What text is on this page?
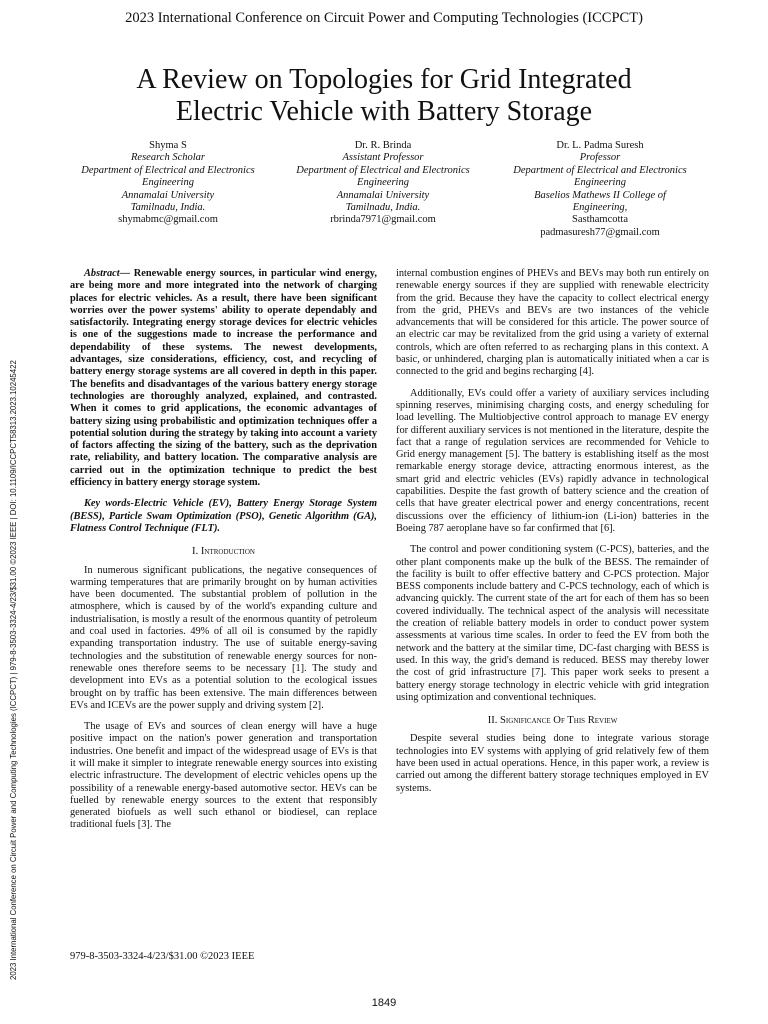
2023 International Conference on Circuit Power and Computing Technologies (ICCPCT)
A Review on Topologies for Grid Integrated
Electric Vehicle with Battery Storage
Shyma S
Research Scholar
Department of Electrical and Electronics
Engineering
Annamalai University
Tamilnadu, India.
shymabmc@gmail.com
Dr. R. Brinda
Assistant Professor
Department of Electrical and Electronics
Engineering
Annamalai University
Tamilnadu, India.
rbrinda7971@gmail.com
Dr. L. Padma Suresh
Professor
Department of Electrical and Electronics
Engineering
Baselios Mathews II College of
Engineering,
Sasthamcotta
padmasuresh77@gmail.com
2023 International Conference on Circuit Power and Computing Technologies (ICCPCT) | 979-8-3503-3324-4/23/$31.00 ©2023 IEEE | DOI: 10.1109/ICCPCT58313.2023.10245422

Abstract— Renewable energy sources, in particular wind energy, are being more and more integrated into the network of charging places for electric vehicles. As a result, there have been significant worries over the power systems' ability to operate dependably and satisfactorily. Integrating energy storage devices for electric vehicles is one of the suggestions made to increase the performance and dependability of these systems. The newest developments, advantages, size considerations, efficiency, cost, and recycling of battery energy storage systems are all covered in depth in this paper. The benefits and disadvantages of the various battery energy storage technologies are thoroughly analyzed, explained, and contrasted. When it comes to grid applications, the economic advantages of battery sizing using probabilistic and optimization techniques offer a potential solution during the strategy by taking into account a variety of factors affecting the sizing of the battery, such as the deprivation rate, reliability, and battery location. The comparative analysis are carried out in the optimization technique to predict the best efficiency in battery energy storage system.

Key words-Electric Vehicle (EV), Battery Energy Storage System (BESS), Particle Swam Optimization (PSO), Genetic Algorithm (GA), Flatness Control Technique (FLT).

I. Introduction

In numerous significant publications, the negative consequences of warming temperatures that are primarily brought on by human activities have been documented. The substantial problem of pollution in the atmosphere, which is caused by of the world's expanding culture and industrialisation, is mostly a result of the enormous quantity of petroleum and coal used in factories. 49% of all oil is consumed by the rapidly expanding transportation industry. The use of suitable energy-saving technologies and the substitution of renewable energy sources for non-renewable ones therefore seems to be necessary [1]. The study and development into EVs as a potential solution to the ecological issues brought on by traffic has been extensive. The main differences between EVs and ICEVs are the power supply and driving system [2].

The usage of EVs and sources of clean energy will have a huge positive impact on the nation's power generation and transportation industries. One benefit and impact of the widespread usage of EVs is that it will make it simpler to integrate renewable energy sources into existing electric infrastructure. The development of electric vehicles opens up the possibility of a renewable energy-based automotive sector. HEVs can be fuelled by renewable energy sources to the extent that responsibly generated biofuels as well such ethanol or biodiesel, can replace traditional fuels [3]. The

internal combustion engines of PHEVs and BEVs may both run entirely on renewable energy sources if they are supplied with renewable electricity from the grid. Because they have the capacity to collect electrical energy from the grid, PHEVs and BEVs are two instances of the vehicle advancements that will be considered for this article. The power source of an electric car may be revitalized from the grid using a variety of external controls, which are often referred to as recharging plans in this context. A basic, or unhindered, charging plan is automatically initiated when a car is connected to the grid and begins recharging [4].

Additionally, EVs could offer a variety of auxiliary services including spinning reserves, minimising charging costs, and energy scheduling for load levelling. The Multiobjective control approach to manage EV energy for different auxiliary services is not mentioned in the literature, despite the fact that a range of regulation services are recommended for Vehicle to Grid energy management [5]. The battery is establishing itself as the most remarkable energy storage device, attracting enormous interest, as the smart grid and electric vehicles (EVs) rapidly advance in technological capabilities. Despite the fast growth of battery science and the creation of cells that have greater electrical power and energy concentrations, recent discussions over the efficiency of lithium-ion (Li-ion) batteries in the Boeing 787 aeroplane have so far confirmed that [6].

The control and power conditioning system (C-PCS), batteries, and the other plant components make up the bulk of the BESS. The remainder of the facility is built to offer effective battery and C-PCS protection. Major BESS components include battery and C-PCS technology, each of which is advancing quickly. The current state of the art for each of them has so been covered individually. The technical aspect of the analysis will necessitate the creation of reliable battery models in order to conduct power system assessments at various time scales. In order to feed the EV from both the network and the battery at the similar time, DC-fast charging with BESS is used. In this way, the grid's demand is reduced. BESS may thereby lower the cost of grid infrastructure [7]. This paper work seeks to present a battery energy storage technology in electric vehicle with grid integration using optimization and conventional techniques.

II. Significance Of This Review

Despite several studies being done to integrate various storage technologies into EV systems with applying of grid relatively few of them have been used in actual operations. Hence, in this paper work, a review is carried out among the different battery storage techniques employed in EV systems.

979-8-3503-3324-4/23/$31.00 ©2023 IEEE
1849
